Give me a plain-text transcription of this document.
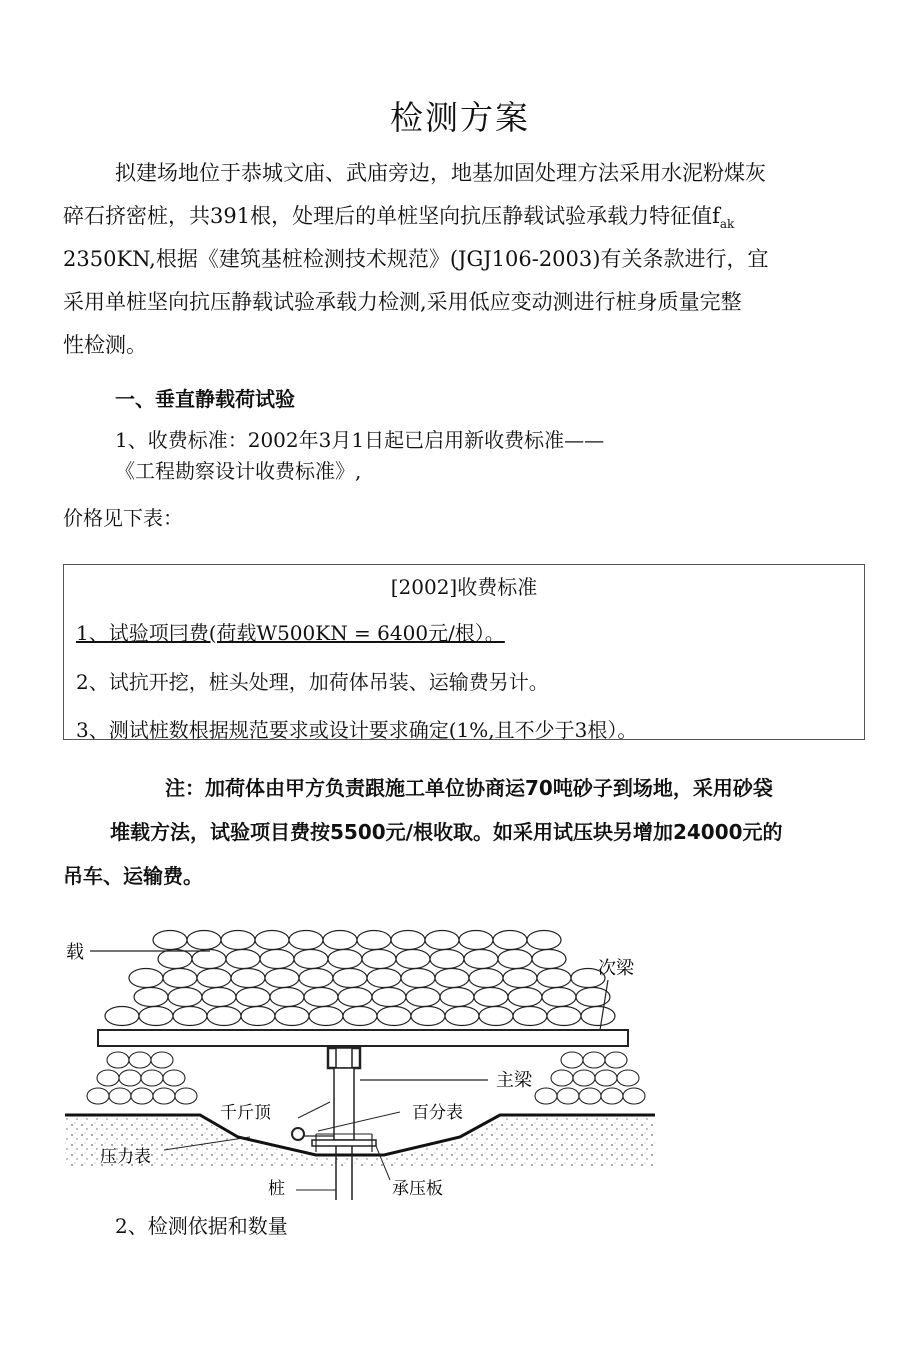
检测方案
拟建场地位于恭城文庙、武庙旁边，地基加固处理方法采用水泥粉煤灰
碎石挤密桩，共391根，处理后的单桩坚向抗压静载试验承载力特征值$f_{ak}$
2350KN,根据《建筑基桩检测技术规范》(JGJ106-2003)有关条款进行，宜
采用单桩坚向抗压静载试验承载力检测,采用低应变动测进行桩身质量完整
性检测。
一、垂直静载荷试验
1、收费标准：2002年3月1日起已启用新收费标准——
《工程勘察设计收费标准》,
价格见下表：
[2002]收费标准
1、试验项冃费(荷载W500KN = 6400元/根）。
2、试抗开挖，桩头处理，加荷体吊装、运输费另计。
3、测试桩数根据规范要求或设计要求确定(1%,且不少于3根）。
注：加荷体由甲方负责跟施工单位协商运70吨砂子到场地，采用砂袋
堆载方法，试验项目费按5500元/根收取。如采用试压块另增加24000元的
吊车、运输费。
载
次梁
主梁
千斤顶	百分表
压力表
桩	承压板
2、检测依据和数量
